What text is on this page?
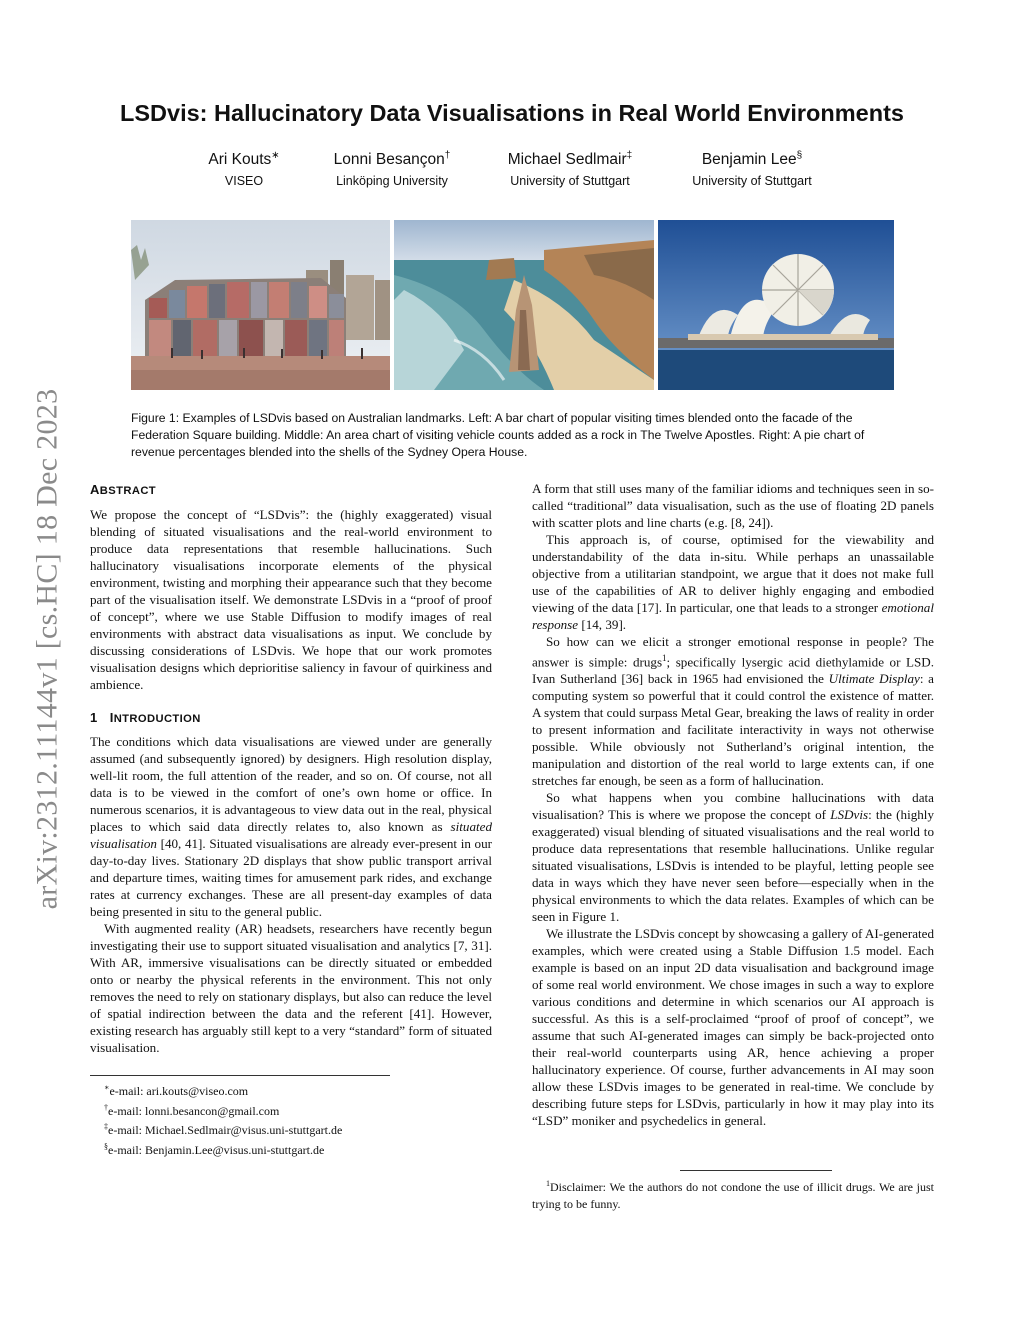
arXiv:2312.11144v1 [cs.HC] 18 Dec 2023
LSDvis: Hallucinatory Data Visualisations in Real World Environments
Ari Kouts∗
VISEO
Lonni Besançon†
Linköping University
Michael Sedlmair‡
University of Stuttgart
Benjamin Lee§
University of Stuttgart
Figure 1: Examples of LSDvis based on Australian landmarks. Left: A bar chart of popular visiting times blended onto the facade of the Federation Square building. Middle: An area chart of visiting vehicle counts added as a rock in The Twelve Apostles. Right: A pie chart of revenue percentages blended into the shells of the Sydney Opera House.

ABSTRACT

We propose the concept of “LSDvis”: the (highly exaggerated) visual blending of situated visualisations and the real-world environment to produce data representations that resemble hallucinations. Such hallucinatory visualisations incorporate elements of the physical environment, twisting and morphing their appearance such that they become part of the visualisation itself. We demonstrate LSDvis in a “proof of proof of concept”, where we use Stable Diffusion to modify images of real environments with abstract data visualisations as input. We conclude by discussing considerations of LSDvis. We hope that our work promotes visualisation designs which deprioritise saliency in favour of quirkiness and ambience.

1 INTRODUCTION

The conditions which data visualisations are viewed under are generally assumed (and subsequently ignored) by designers. High resolution display, well-lit room, the full attention of the reader, and so on. Of course, not all data is to be viewed in the comfort of one’s own home or office. In numerous scenarios, it is advantageous to view data out in the real, physical places to which said data directly relates to, also known as situated visualisation [40, 41]. Situated visualisations are already ever-present in our day-to-day lives. Stationary 2D displays that show public transport arrival and departure times, waiting times for amusement park rides, and exchange rates at currency exchanges. These are all present-day examples of data being presented in situ to the general public.

With augmented reality (AR) headsets, researchers have recently begun investigating their use to support situated visualisation and analytics [7, 31]. With AR, immersive visualisations can be directly situated or embedded onto or nearby the physical referents in the environment. This not only removes the need to rely on stationary displays, but also can reduce the level of spatial indirection between the data and the referent [41]. However, existing research has arguably still kept to a very “standard” form of situated visualisation.

∗e-mail: ari.kouts@viseo.com
†e-mail: lonni.besancon@gmail.com
‡e-mail: Michael.Sedlmair@visus.uni-stuttgart.de
§e-mail: Benjamin.Lee@visus.uni-stuttgart.de

A form that still uses many of the familiar idioms and techniques seen in so-called “traditional” data visualisation, such as the use of floating 2D panels with scatter plots and line charts (e.g. [8, 24]).

This approach is, of course, optimised for the viewability and understandability of the data in-situ. While perhaps an unassailable objective from a utilitarian standpoint, we argue that it does not make full use of the capabilities of AR to deliver highly engaging and embodied viewing of the data [17]. In particular, one that leads to a stronger emotional response [14, 39].

So how can we elicit a stronger emotional response in people? The answer is simple: drugs$^1$; specifically lysergic acid diethylamide or LSD. Ivan Sutherland [36] back in 1965 had envisioned the Ultimate Display: a computing system so powerful that it could control the existence of matter. A system that could surpass Metal Gear, breaking the laws of reality in order to present information and facilitate interactivity in ways not otherwise possible. While obviously not Sutherland’s original intention, the manipulation and distortion of the real world to large extents can, if one stretches far enough, be seen as a form of hallucination.

So what happens when you combine hallucinations with data visualisation? This is where we propose the concept of LSDvis: the (highly exaggerated) visual blending of situated visualisations and the real world to produce data representations that resemble hallucinations. Unlike regular situated visualisations, LSDvis is intended to be playful, letting people see data in ways which they have never seen before—especially when in the physical environments to which the data relates. Examples of which can be seen in Figure 1.

We illustrate the LSDvis concept by showcasing a gallery of AI-generated examples, which were created using a Stable Diffusion 1.5 model. Each example is based on an input 2D data visualisation and background image of some real world environment. We chose images in such a way to explore various conditions and determine in which scenarios our AI approach is successful. As this is a self-proclaimed “proof of proof of concept”, we assume that such AI-generated images can simply be back-projected onto their real-world counterparts using AR, hence achieving a proper hallucinatory experience. Of course, further advancements in AI may soon allow these LSDvis images to be generated in real-time. We conclude by describing future steps for LSDvis, particularly in how it may play into its “LSD” moniker and psychedelics in general.

$^1$Disclaimer: We the authors do not condone the use of illicit drugs. We are just trying to be funny.
